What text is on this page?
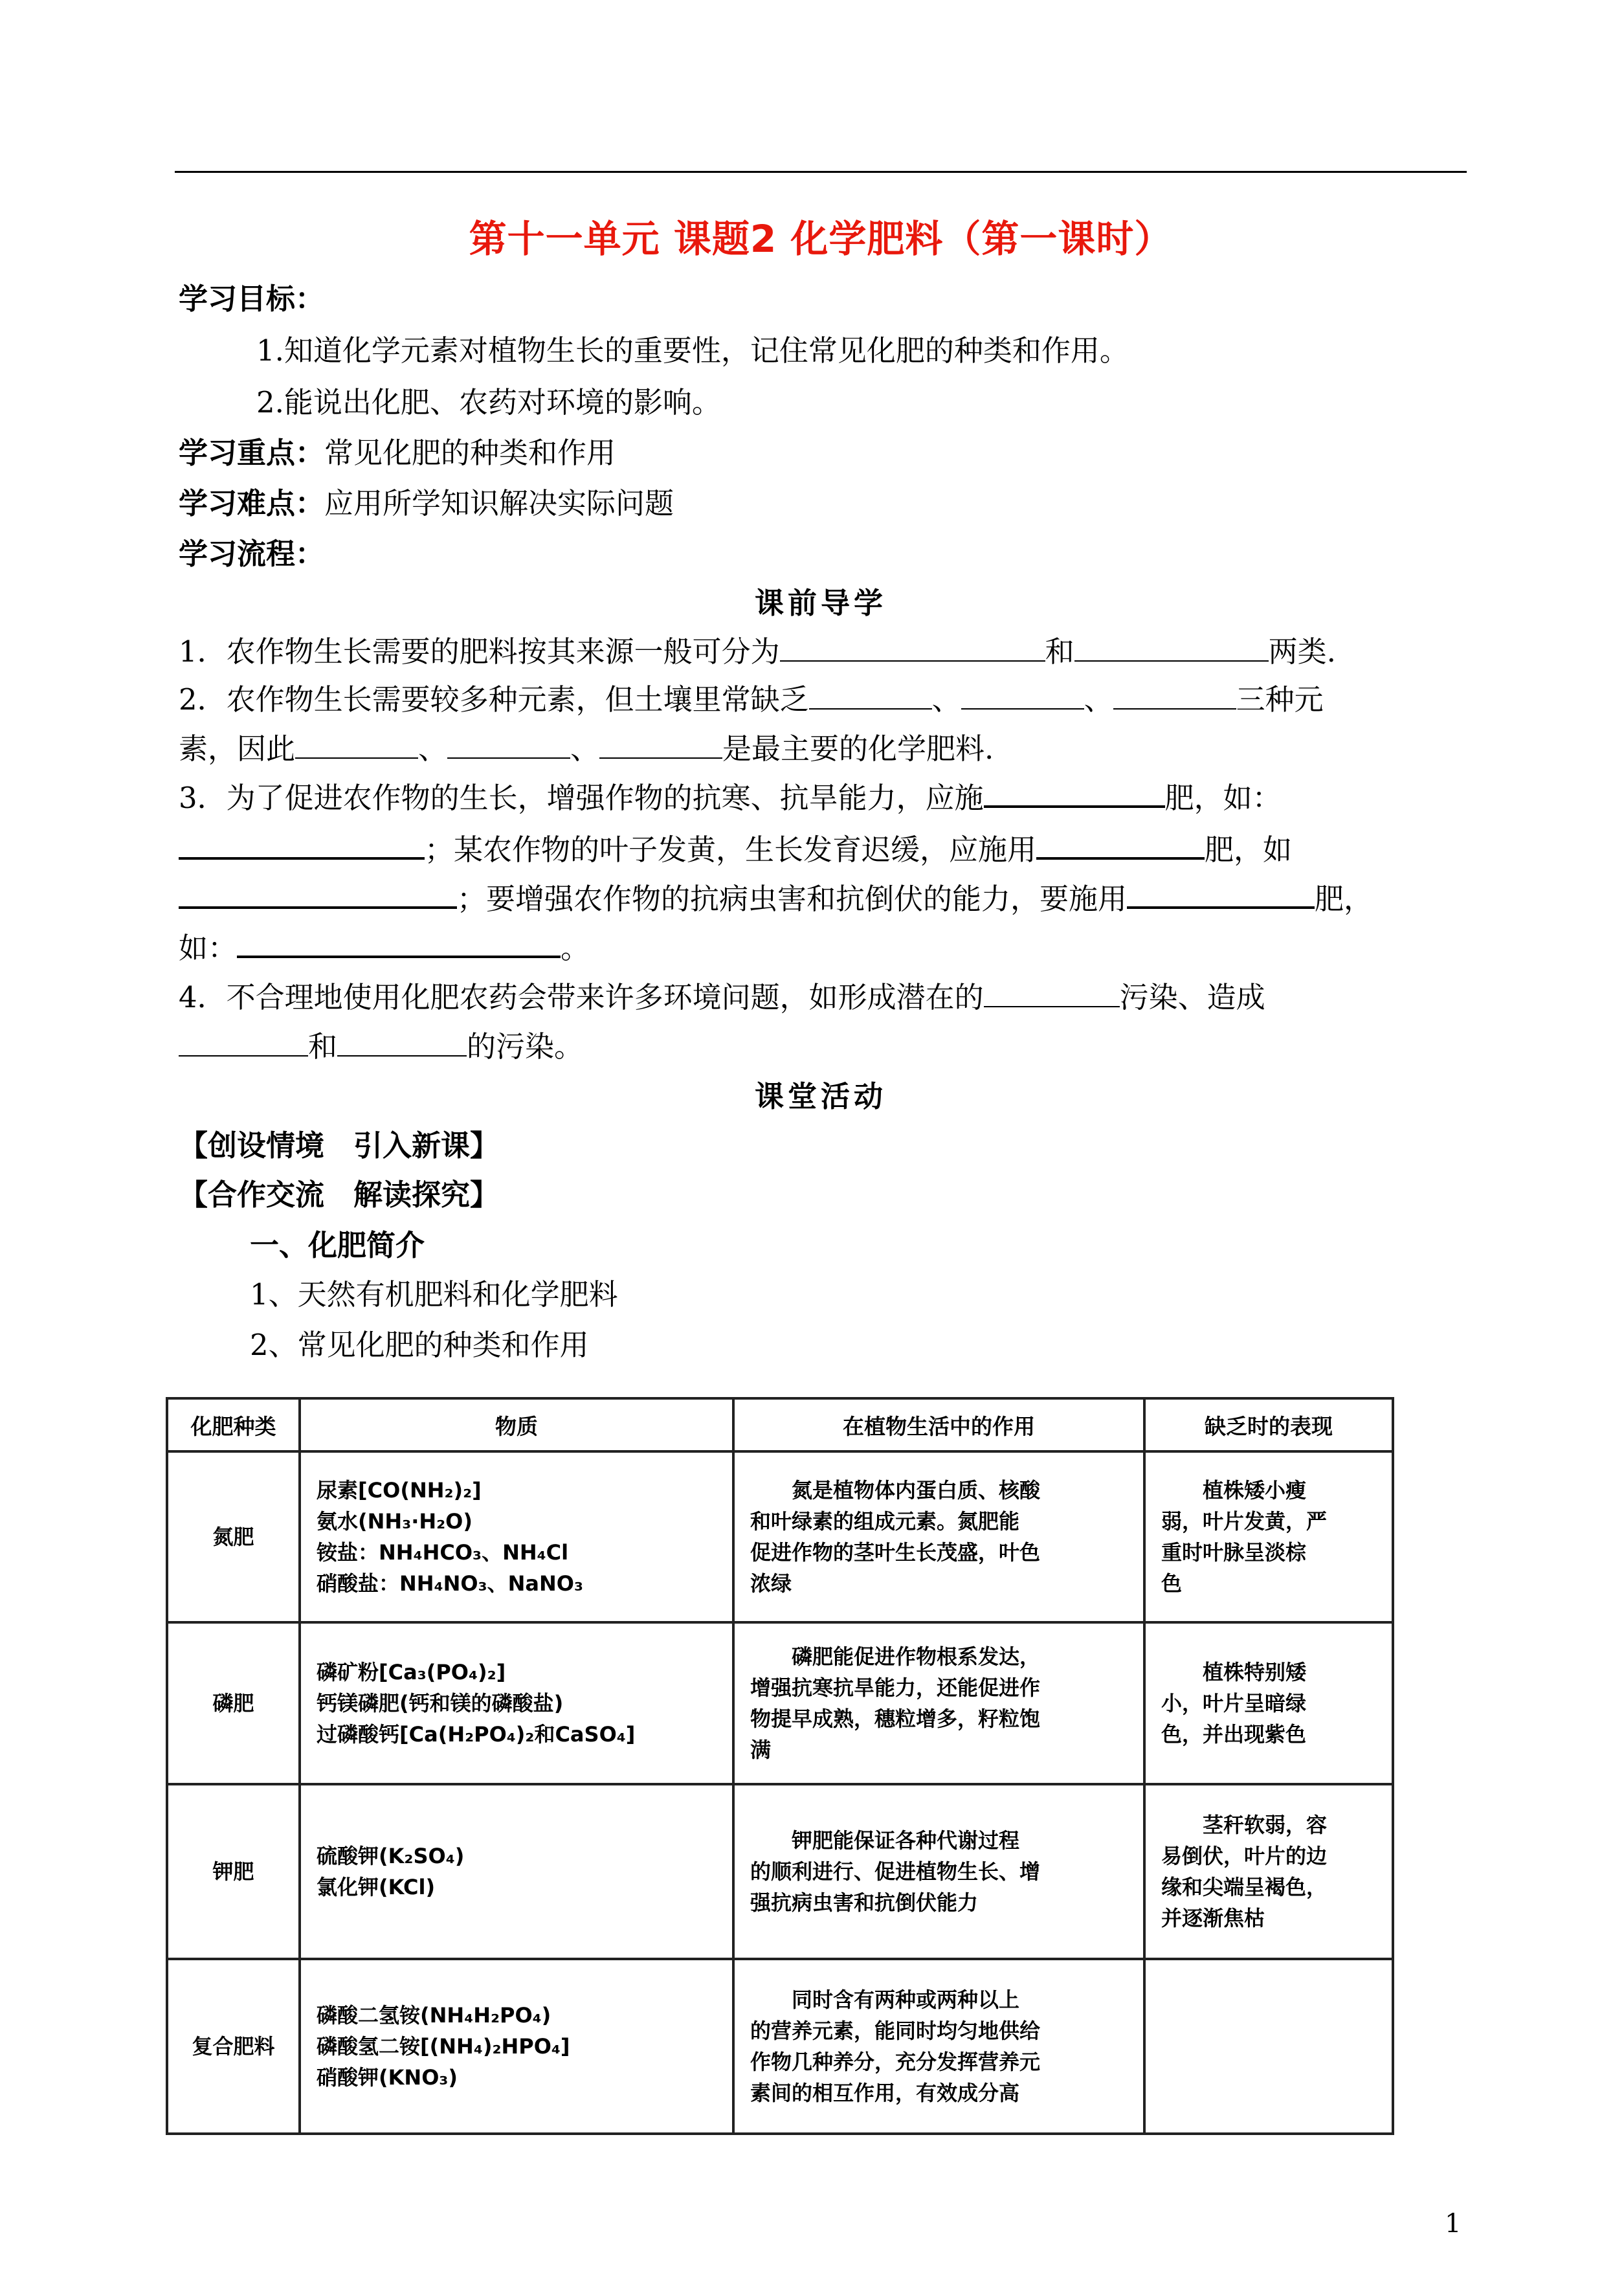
第十一单元 课题2 化学肥料（第一课时）
学习目标：
1.知道化学元素对植物生长的重要性，记住常见化肥的种类和作用。
2.能说出化肥、农药对环境的影响。
学习重点：常见化肥的种类和作用
学习难点：应用所学知识解决实际问题
学习流程：
课前导学
1．农作物生长需要的肥料按其来源一般可分为	和	两类.
2．农作物生长需要较多种元素，但土壤里常缺乏	、	、	三种元
素，因此	、	、	是最主要的化学肥料.
3．为了促进农作物的生长，增强作物的抗寒、抗旱能力，应施	肥，如：
；某农作物的叶子发黄，生长发育迟缓，应施用	肥，如
；要增强农作物的抗病虫害和抗倒伏的能力，要施用	肥，
如：	。
4．不合理地使用化肥农药会带来许多环境问题，如形成潜在的	污染、造成
和	的污染。
课堂活动
【创设情境　引入新课】
【合作交流　解读探究】
一、化肥简介
1、天然有机肥料和化学肥料
2、常见化肥的种类和作用
化肥种类	物质	在植物生活中的作用	缺乏时的表现
氮肥	尿素[CO(NH₂)₂]
氨水(NH₃·H₂O)
铵盐：NH₄HCO₃、NH₄Cl
硝酸盐：NH₄NO₃、NaNO₃	　　氮是植物体内蛋白质、核酸
和叶绿素的组成元素。氮肥能
促进作物的茎叶生长茂盛，叶色
浓绿	　　植株矮小瘦
弱，叶片发黄，严
重时叶脉呈淡棕
色

磷肥	磷矿粉[Ca₃(PO₄)₂]
钙镁磷肥(钙和镁的磷酸盐)
过磷酸钙[Ca(H₂PO₄)₂和CaSO₄]	　　磷肥能促进作物根系发达，
增强抗寒抗旱能力，还能促进作
物提早成熟，穗粒增多，籽粒饱
满	　　植株特别矮
小，叶片呈暗绿
色，并出现紫色

钾肥	硫酸钾(K₂SO₄)
氯化钾(KCl)	　　钾肥能保证各种代谢过程
的顺利进行、促进植物生长、增
强抗病虫害和抗倒伏能力	　　茎秆软弱，容
易倒伏，叶片的边
缘和尖端呈褐色，
并逐渐焦枯

复合肥料	磷酸二氢铵(NH₄H₂PO₄)
磷酸氢二铵[(NH₄)₂HPO₄]
硝酸钾(KNO₃)	　　同时含有两种或两种以上
的营养元素，能同时均匀地供给
作物几种养分，充分发挥营养元
素间的相互作用，有效成分高	

1
